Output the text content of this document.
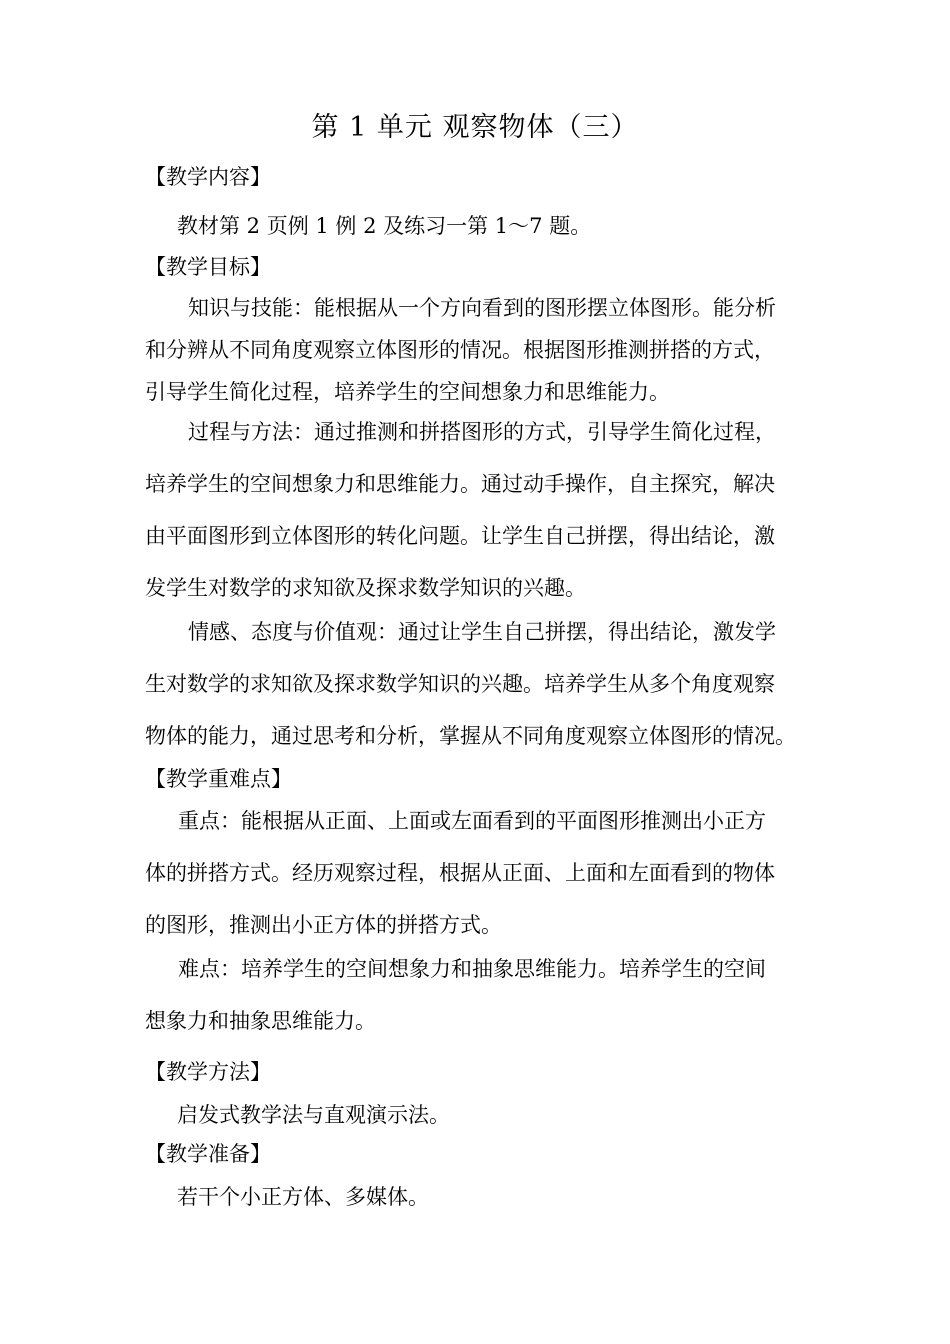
第 1 单元 观察物体（三）
【教学内容】
教材第 2 页例 1 例 2 及练习一第 1～7 题。
【教学目标】
知识与技能：能根据从一个方向看到的图形摆立体图形。能分析
和分辨从不同角度观察立体图形的情况。根据图形推测拼搭的方式，
引导学生简化过程，培养学生的空间想象力和思维能力。
过程与方法：通过推测和拼搭图形的方式，引导学生简化过程，
培养学生的空间想象力和思维能力。通过动手操作，自主探究，解决
由平面图形到立体图形的转化问题。让学生自己拼摆，得出结论，激
发学生对数学的求知欲及探求数学知识的兴趣。
情感、态度与价值观：通过让学生自己拼摆，得出结论，激发学
生对数学的求知欲及探求数学知识的兴趣。培养学生从多个角度观察
物体的能力，通过思考和分析，掌握从不同角度观察立体图形的情况。
【教学重难点】
重点：能根据从正面、上面或左面看到的平面图形推测出小正方
体的拼搭方式。经历观察过程，根据从正面、上面和左面看到的物体
的图形，推测出小正方体的拼搭方式。
难点：培养学生的空间想象力和抽象思维能力。培养学生的空间
想象力和抽象思维能力。
【教学方法】
启发式教学法与直观演示法。
【教学准备】
若干个小正方体、多媒体。
